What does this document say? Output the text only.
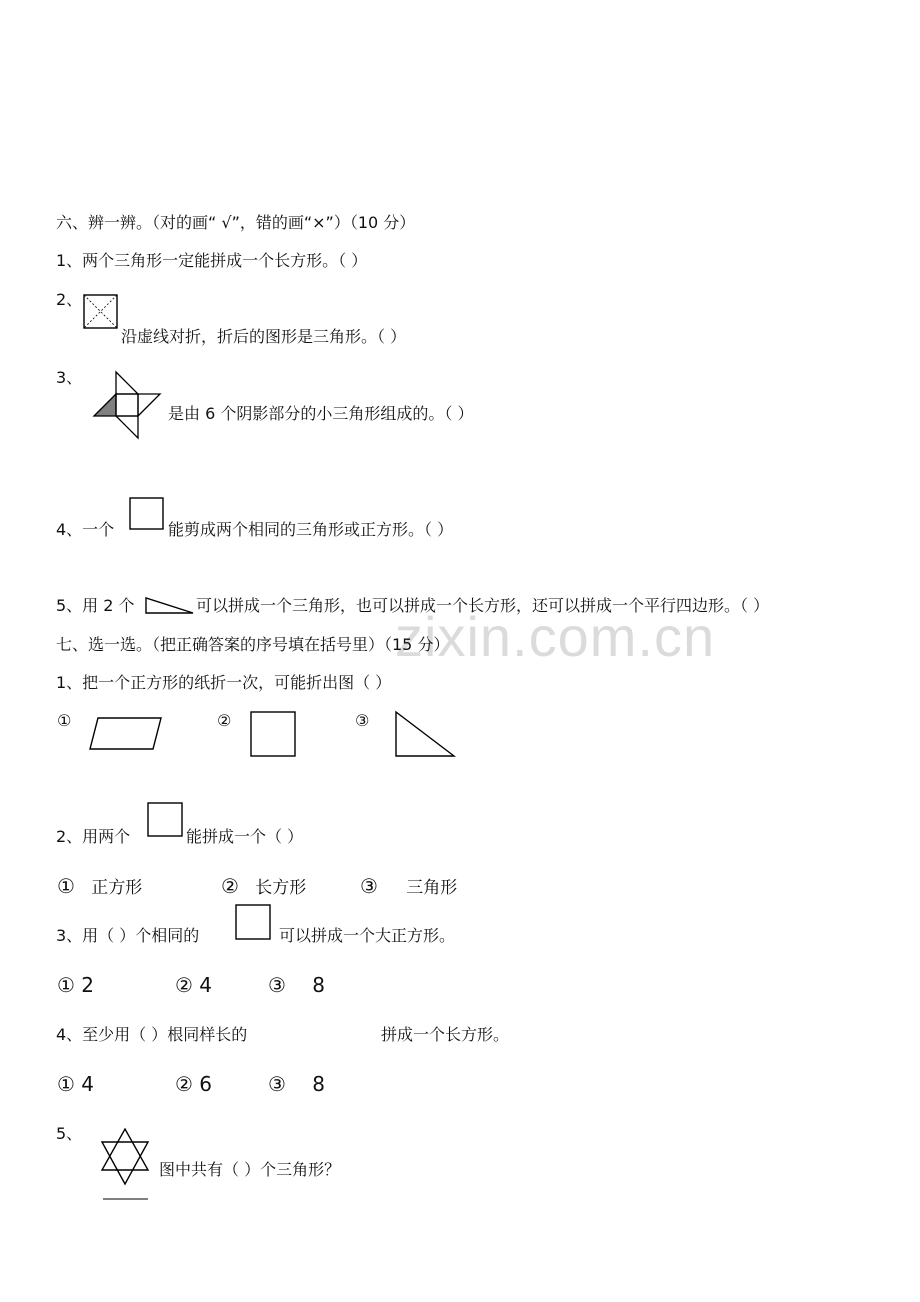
zixin.com.cn
六、辨一辨。（对的画“ √”，错的画“×”）（10 分）
1、两个三角形一定能拼成一个长方形。（ ）
2、
沿虚线对折，折后的图形是三角形。（ ）
3、
是由 6 个阴影部分的小三角形组成的。（ ）
4、一个	能剪成两个相同的三角形或正方形。（ ）
5、用 2 个	可以拼成一个三角形，也可以拼成一个长方形，还可以拼成一个平行四边形。（ ）
七、选一选。（把正确答案的序号填在括号里）（15 分）
1、把一个正方形的纸折一次，可能折出图（ ）
①	②	③
2、用两个	能拼成一个（ ）
① 正方形	② 长方形	③ 三角形
3、用（ ）个相同的	可以拼成一个大正方形。
① 2	② 4	③ 8
4、至少用（ ）根同样长的	拼成一个长方形。
① 4	② 6	③ 8
5、
图中共有（ ）个三角形？
